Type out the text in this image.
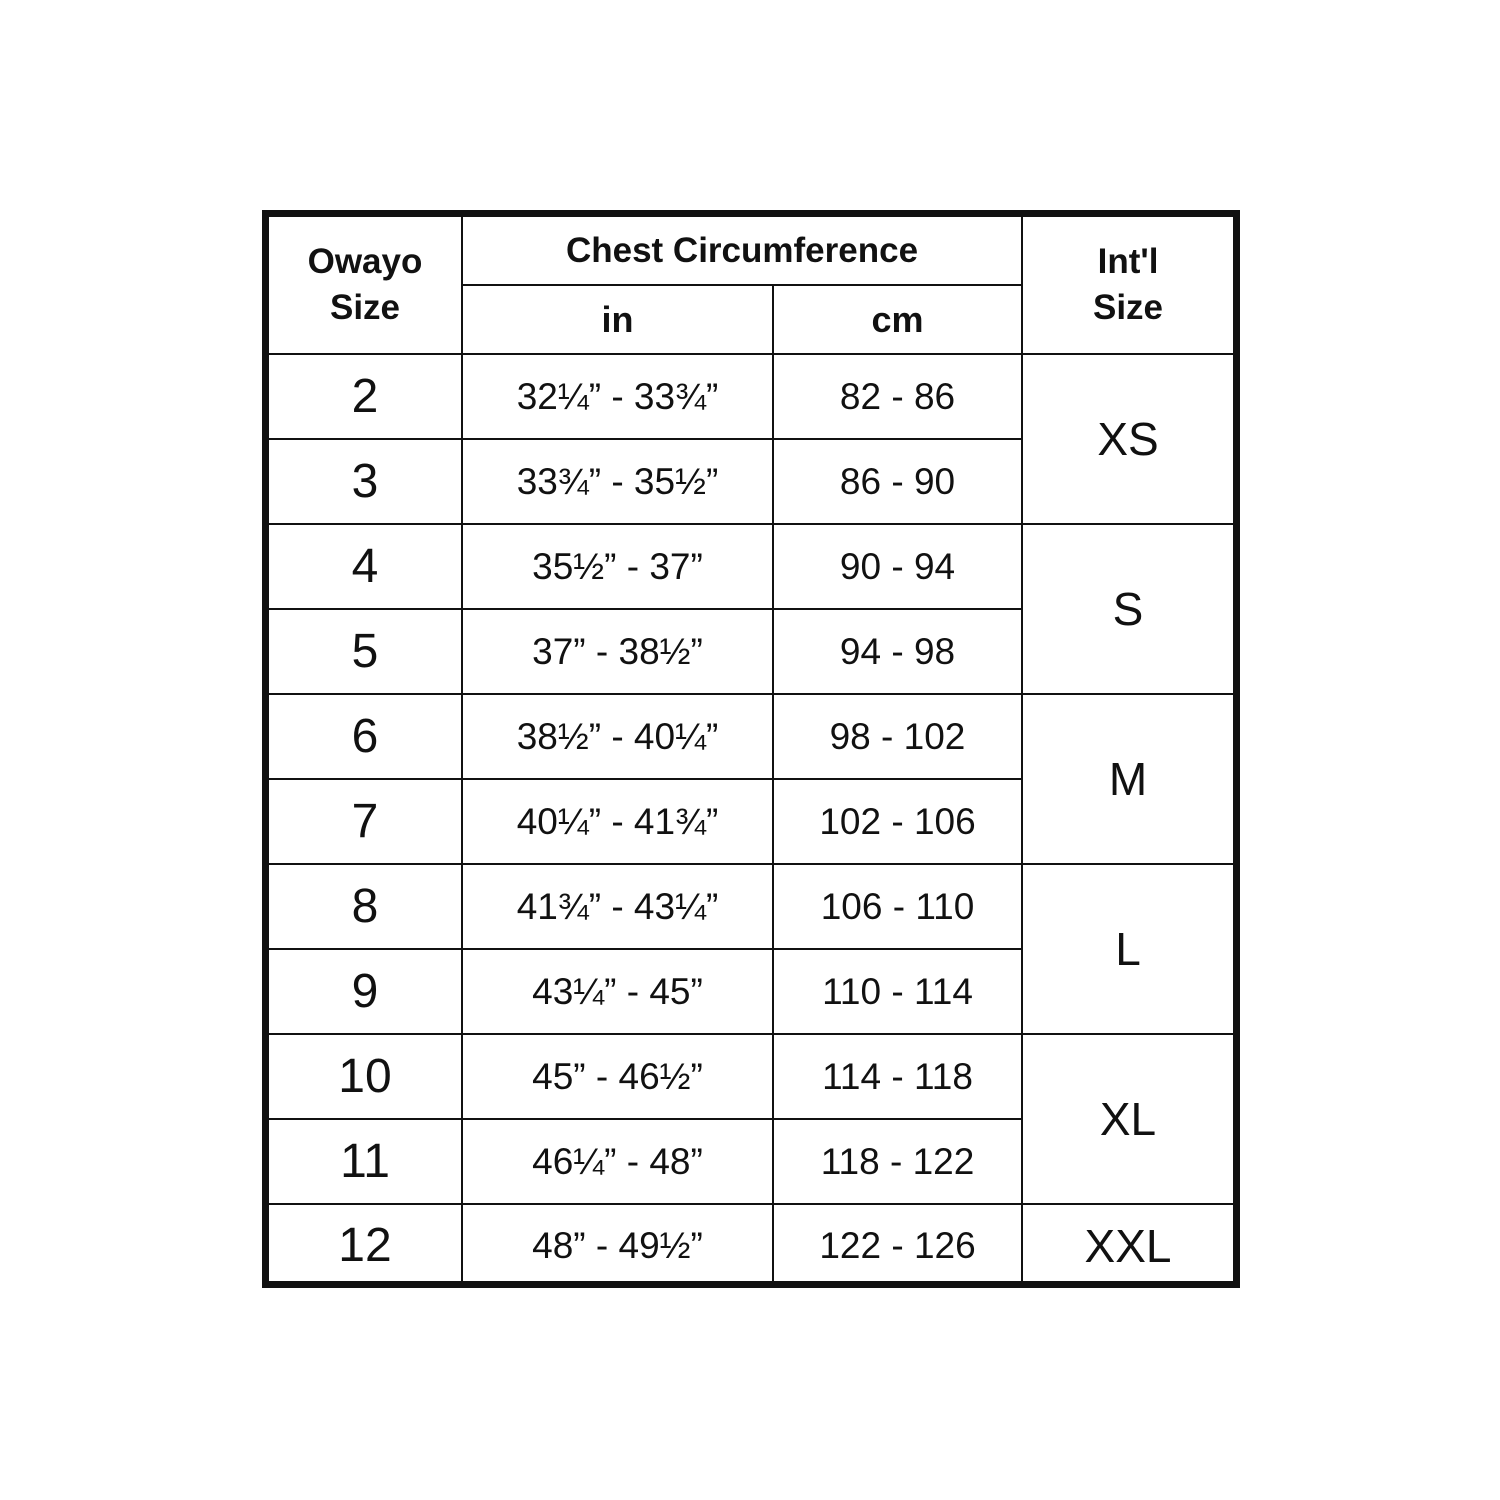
Owayo
Size	Chest Circumference		Int'l
Size
	in	cm	
2	32¼” - 33¾”	82 - 86	XS
3	33¾” - 35½”	86 - 90	
4	35½” - 37”	90 - 94	S
5	37” - 38½”	94 - 98	
6	38½” - 40¼”	98 - 102	M
7	40¼” - 41¾”	102 - 106	
8	41¾” - 43¼”	106 - 110	L
9	43¼” - 45”	110 - 114	
10	45” - 46½”	114 - 118	XL
11	46¼” - 48”	118 - 122	
12	48” - 49½”	122 - 126	XXL
